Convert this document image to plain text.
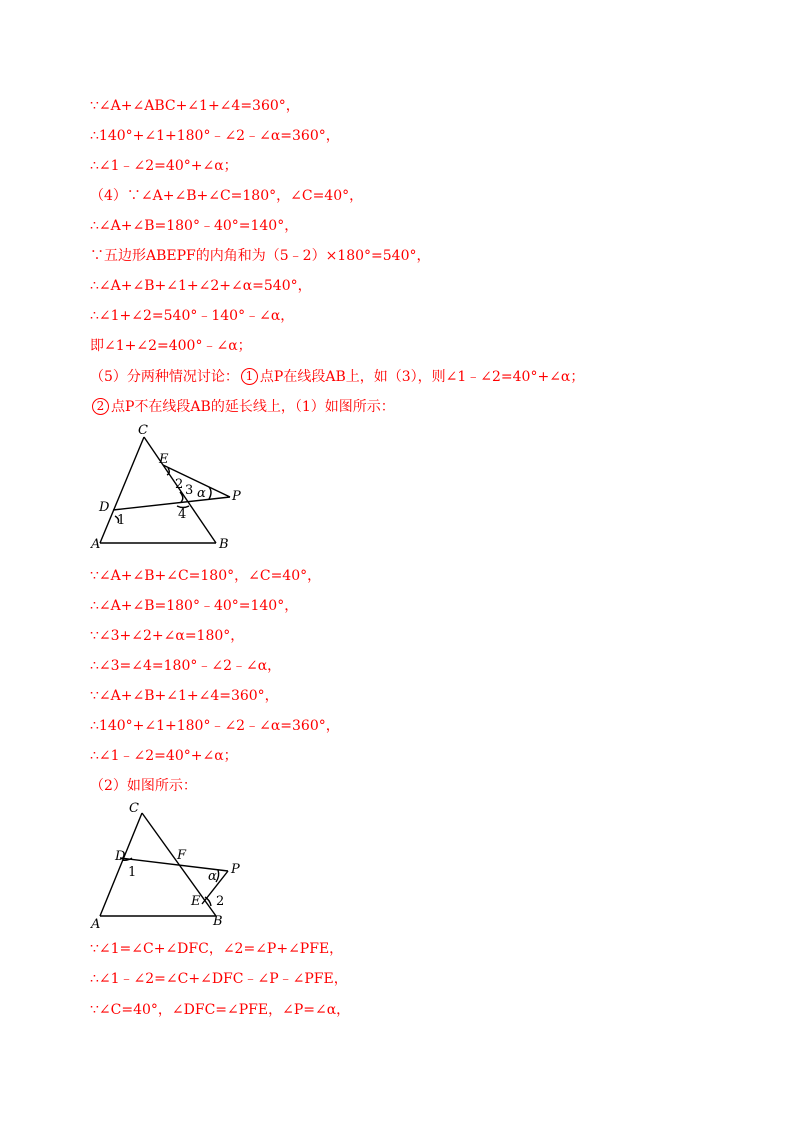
∵∠A+∠ABC+∠1+∠4=360°，
∴140°+∠1+180°﹣∠2﹣∠α=360°，
∴∠1﹣∠2=40°+∠α；
（4）∵∠A+∠B+∠C=180°，∠C=40°，
∴∠A+∠B=180°﹣40°=140°，
∵五边形ABEPF的内角和为（5﹣2）×180°=540°，
∴∠A+∠B+∠1+∠2+∠α=540°，
∴∠1+∠2=540°﹣140°﹣∠α，
即∠1+∠2=400°﹣∠α；
（5）分两种情况讨论： 1 点P在线段AB上，如（3），则∠1﹣∠2=40°+∠α；
2 点P不在线段AB的延长线上，（1）如图所示：
C
E
D
P
A	B
1
2 3
4
α
∵∠A+∠B+∠C=180°，∠C=40°，
∴∠A+∠B=180°﹣40°=140°，
∵∠3+∠2+∠α=180°，
∴∠3=∠4=180°﹣∠2﹣∠α，
∵∠A+∠B+∠1+∠4=360°，
∴140°+∠1+180°﹣∠2﹣∠α=360°，
∴∠1﹣∠2=40°+∠α；
（2）如图所示：
C
D	F
P
E
A	B
1
2
α
∵∠1=∠C+∠DFC，∠2=∠P+∠PFE，
∴∠1﹣∠2=∠C+∠DFC﹣∠P﹣∠PFE，
∵∠C=40°，∠DFC=∠PFE，∠P=∠α，
